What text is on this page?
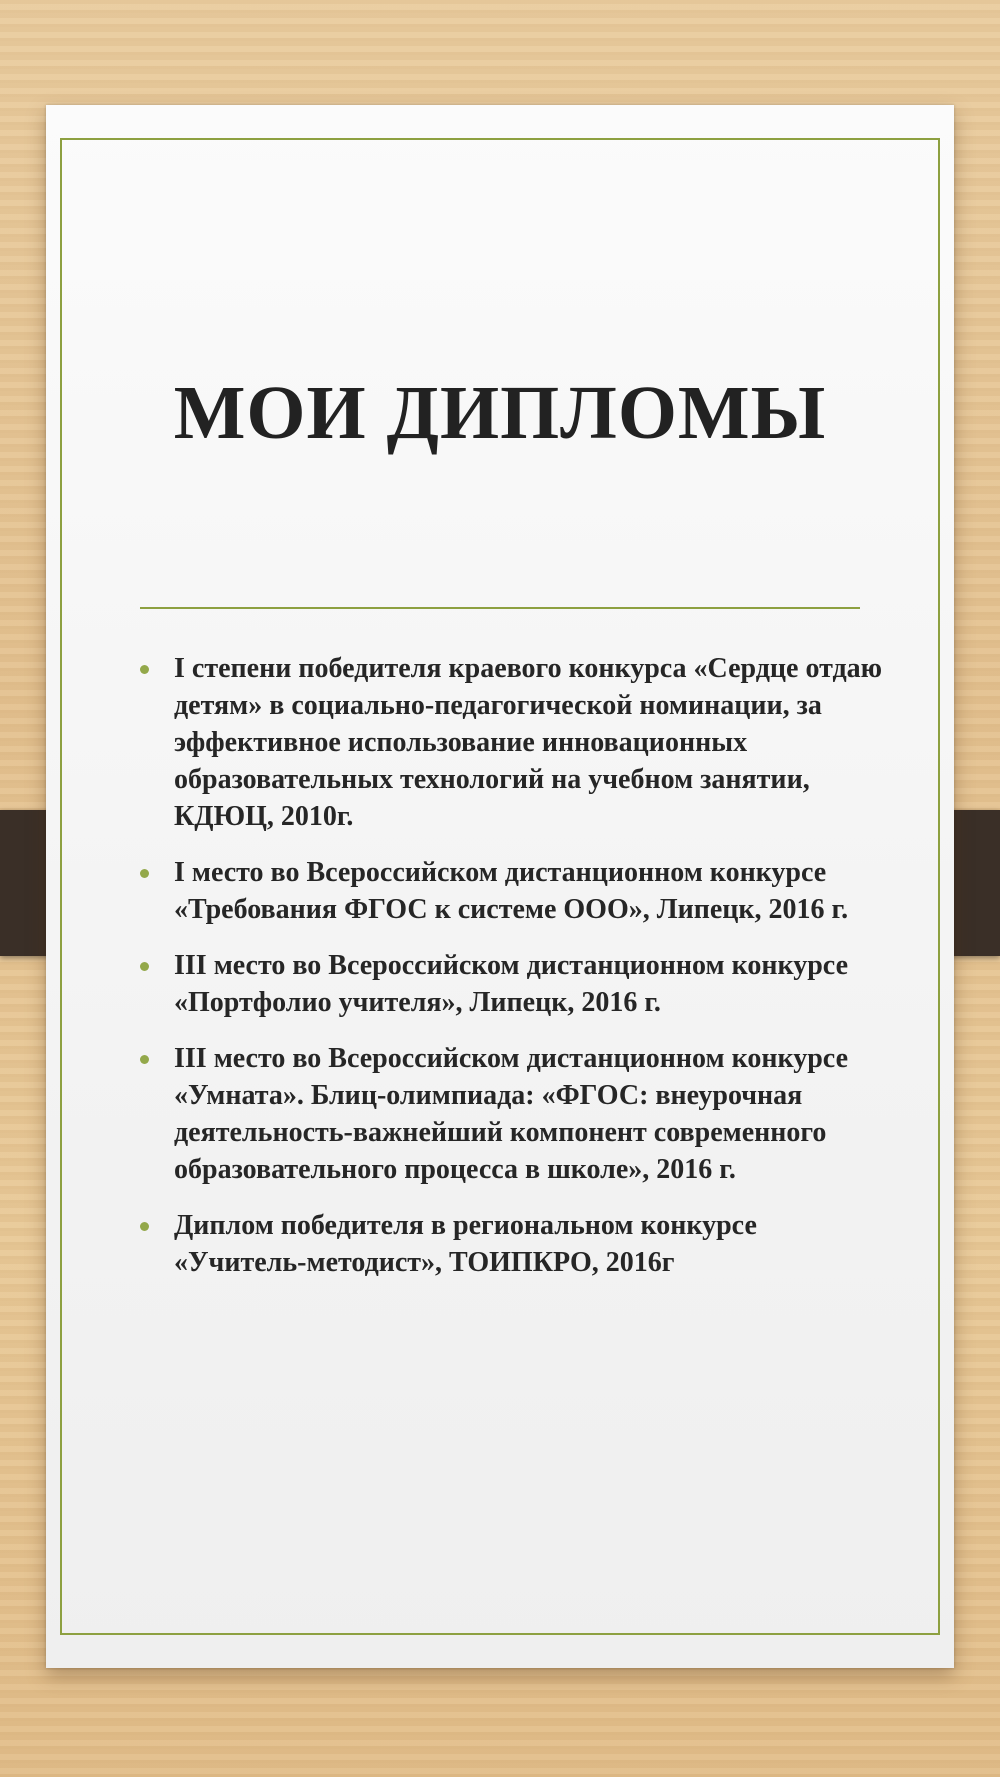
МОИ ДИПЛОМЫ
I степени победителя краевого конкурса «Сердце отдаю детям» в социально-педагогической номинации, за эффективное использование инновационных образовательных технологий на учебном занятии, КДЮЦ, 2010г.
I место во Всероссийском дистанционном конкурсе «Требования ФГОС к системе ООО», Липецк, 2016 г.
III место во Всероссийском дистанционном конкурсе «Портфолио учителя», Липецк, 2016 г.
III место во Всероссийском дистанционном конкурсе «Умната». Блиц-олимпиада: «ФГОС: внеурочная деятельность-важнейший компонент современного образовательного процесса в школе», 2016 г.
Диплом победителя в региональном конкурсе «Учитель-методист», ТОИПКРО, 2016г
